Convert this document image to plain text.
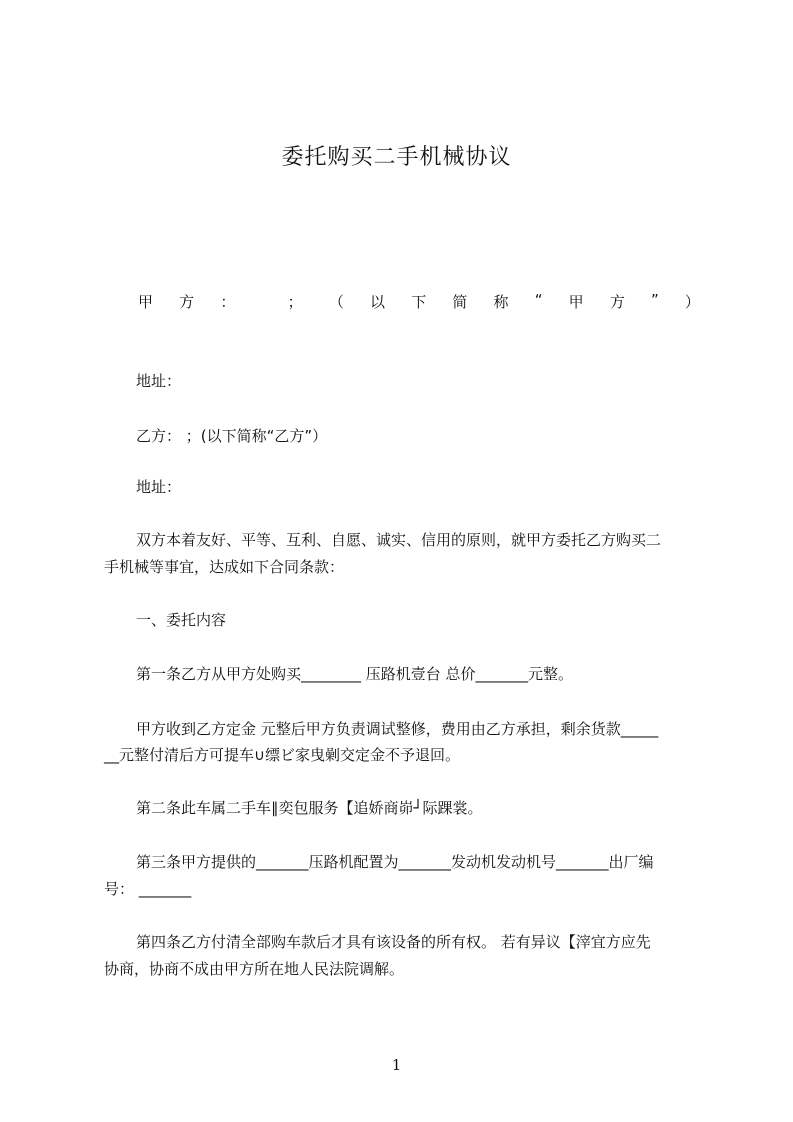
委托购买二手机械协议
甲 方 ：	； （ 以 下 简 称 “ 甲 方 ” ）

地址：

乙方： ；(以下简称“乙方”）

地址：

双方本着友好、平等、互利、自愿、诚实、信用的原则，就甲方委托乙方购买二

手机械等事宜，达成如下合同条款：

一、委托内容

第一条乙方从甲方处购买________ 压路机壹台 总价_______元整。

甲方收到乙方定金 元整后甲方负责调试整修，费用由乙方承担，剩余货款_____

__元整付清后方可提车∪缥ビ家曳劋交定金不予退回。

第二条此车属二手车∥奕包服务【追娇商峁┘际踝裳。

第三条甲方提供的_______压路机配置为_______发动机发动机号_______出厂编

号： _______

第四条乙方付清全部购车款后才具有该设备的所有权。 若有异议【滓宜方应先

协商，协商不成由甲方所在地人民法院调解。

1
